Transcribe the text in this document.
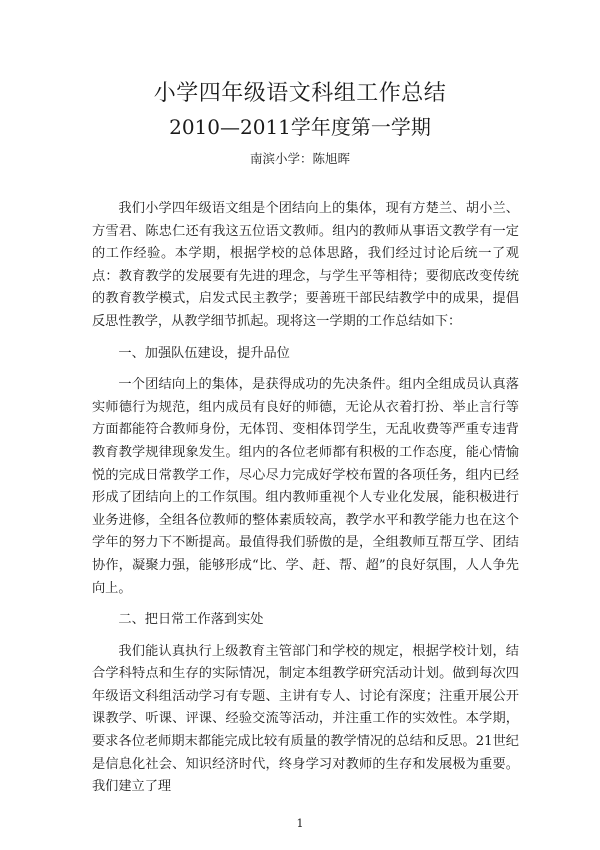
小学四年级语文科组工作总结
2010—2011学年度第一学期
南滨小学：陈旭晖

我们小学四年级语文组是个团结向上的集体，现有方楚兰、胡小兰、方雪君、陈忠仁还有我这五位语文教师。组内的教师从事语文教学有一定的工作经验。本学期，根据学校的总体思路，我们经过讨论后统一了观点：教育教学的发展要有先进的理念，与学生平等相待；要彻底改变传统的教育教学模式，启发式民主教学；要善班干部民结教学中的成果，提倡反思性教学，从教学细节抓起。现将这一学期的工作总结如下：

一、加强队伍建设，提升品位

一个团结向上的集体，是获得成功的先决条件。组内全组成员认真落实师德行为规范，组内成员有良好的师德，无论从衣着打扮、举止言行等方面都能符合教师身份，无体罚、变相体罚学生，无乱收费等严重专违背教育教学规律现象发生。组内的各位老师都有积极的工作态度，能心情愉悦的完成日常教学工作，尽心尽力完成好学校布置的各项任务，组内已经形成了团结向上的工作氛围。组内教师重视个人专业化发展，能积极进行业务进修，全组各位教师的整体素质较高，教学水平和教学能力也在这个学年的努力下不断提高。最值得我们骄傲的是，全组教师互帮互学、团结协作，凝聚力强，能够形成“比、学、赶、帮、超”的良好氛围，人人争先向上。

二、把日常工作落到实处

我们能认真执行上级教育主管部门和学校的规定，根据学校计划，结合学科特点和生存的实际情况，制定本组教学研究活动计划。做到每次四年级语文科组活动学习有专题、主讲有专人、讨论有深度；注重开展公开课教学、听课、评课、经验交流等活动，并注重工作的实效性。本学期，要求各位老师期末都能完成比较有质量的教学情况的总结和反思。21世纪是信息化社会、知识经济时代，终身学习对教师的生存和发展极为重要。我们建立了理

1
